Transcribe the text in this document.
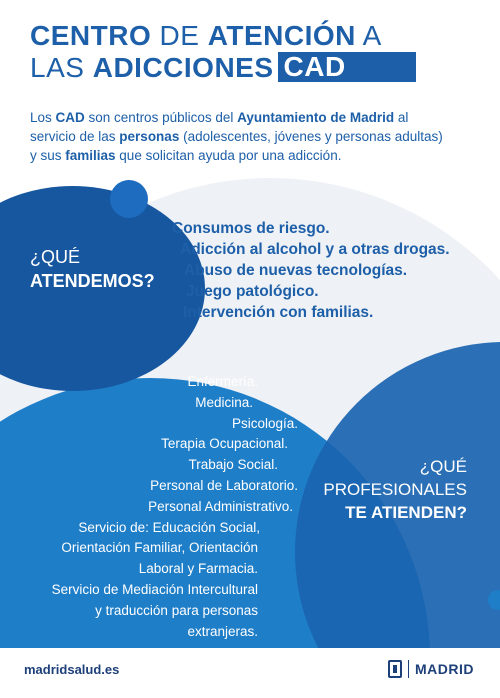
CENTRO DE ATENCIÓN A
LAS ADICCIONES CAD
Los CAD son centros públicos del Ayuntamiento de Madrid al servicio de las personas (adolescentes, jóvenes y personas adultas) y sus familias que solicitan ayuda por una adicción.
¿QUÉ
ATENDEMOS?
Consumos de riesgo.
Adicción al alcohol y a otras drogas.
Abuso de nuevas tecnologías.
Juego patológico.
Intervención con familias.
Enfermería.
Medicina.
Psicología.
Terapia Ocupacional.
Trabajo Social.
Personal de Laboratorio.
Personal Administrativo.
Servicio de: Educación Social,
Orientación Familiar, Orientación
Laboral y Farmacia.
Servicio de Mediación Intercultural
y traducción para personas
extranjeras.
¿QUÉ
PROFESIONALES
TE ATIENDEN?
madridsalud.es	MADRID
